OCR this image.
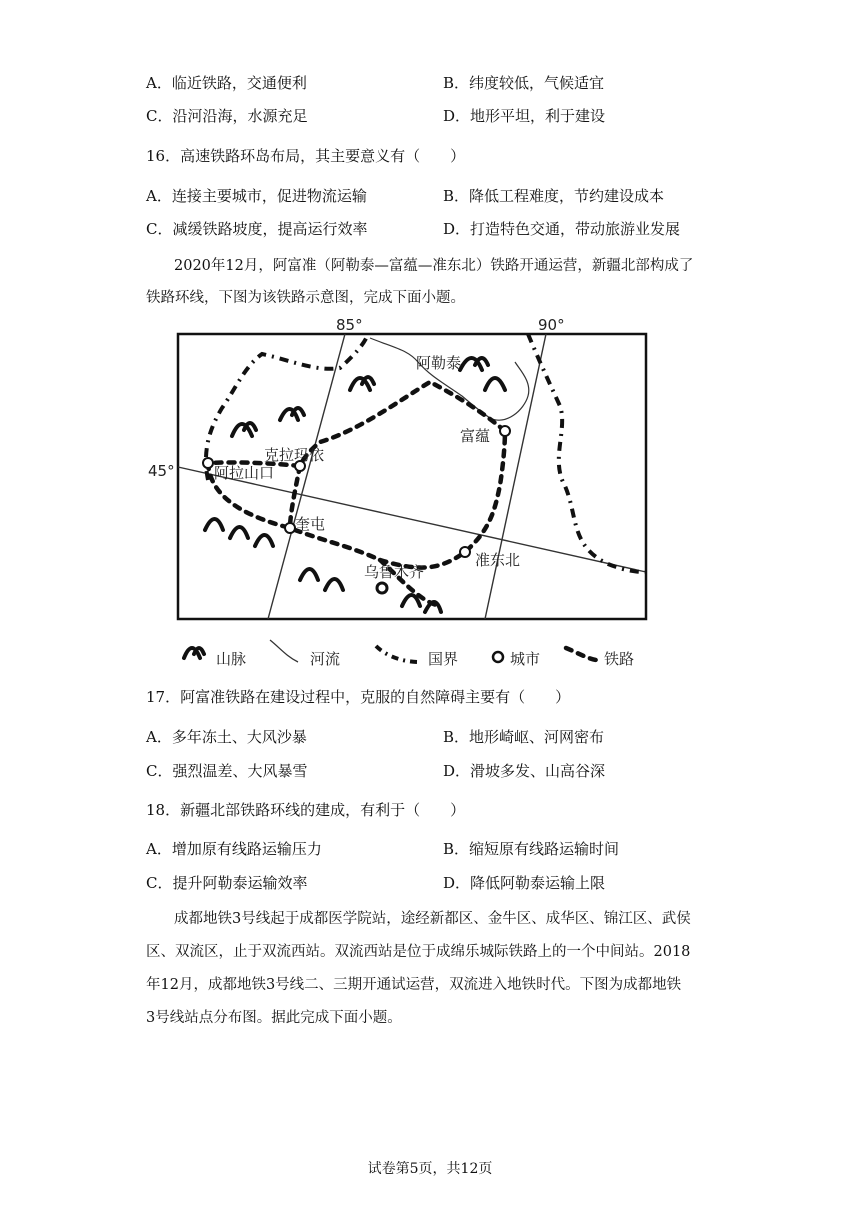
A．临近铁路，交通便利	B．纬度较低，气候适宜
C．沿河沿海，水源充足	D．地形平坦，利于建设
16．高速铁路环岛布局，其主要意义有（　　）
A．连接主要城市，促进物流运输	B．降低工程难度，节约建设成本
C．减缓铁路坡度，提高运行效率	D．打造特色交通，带动旅游业发展
2020年12月，阿富准（阿勒泰—富蕴—准东北）铁路开通运营，新疆北部构成了
铁路环线，下图为该铁路示意图，完成下面小题。
85°	90°
45°
阿勒泰
富蕴
克拉玛依
阿拉山口
奎屯
乌鲁木齐
准东北
山脉	河流	国界	城市	铁路
17．阿富准铁路在建设过程中，克服的自然障碍主要有（　　）
A．多年冻土、大风沙暴	B．地形崎岖、河网密布
C．强烈温差、大风暴雪	D．滑坡多发、山高谷深
18．新疆北部铁路环线的建成，有利于（　　）
A．增加原有线路运输压力	B．缩短原有线路运输时间
C．提升阿勒泰运输效率	D．降低阿勒泰运输上限
成都地铁3号线起于成都医学院站，途经新都区、金牛区、成华区、锦江区、武侯
区、双流区，止于双流西站。双流西站是位于成绵乐城际铁路上的一个中间站。2018
年12月，成都地铁3号线二、三期开通试运营，双流进入地铁时代。下图为成都地铁
3号线站点分布图。据此完成下面小题。
试卷第5页，共12页
